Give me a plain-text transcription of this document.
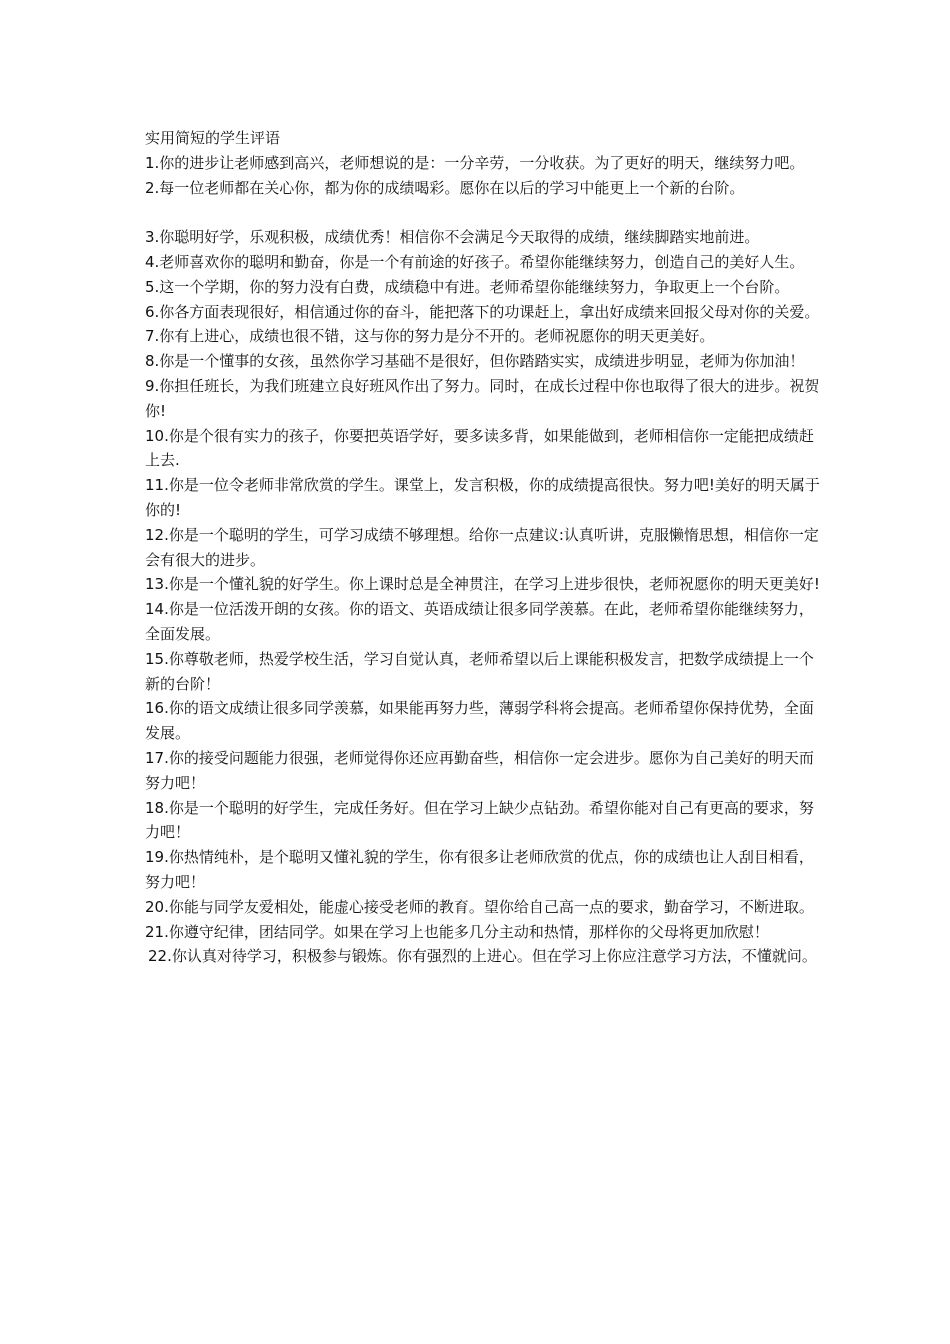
实用简短的学生评语

1.你的进步让老师感到高兴，老师想说的是：一分辛劳，一分收获。为了更好的明天，继续努力吧。

2.每一位老师都在关心你，都为你的成绩喝彩。愿你在以后的学习中能更上一个新的台阶。

3.你聪明好学，乐观积极，成绩优秀！相信你不会满足今天取得的成绩，继续脚踏实地前进。

4.老师喜欢你的聪明和勤奋，你是一个有前途的好孩子。希望你能继续努力，创造自己的美好人生。

5.这一个学期，你的努力没有白费，成绩稳中有进。老师希望你能继续努力，争取更上一个台阶。

6.你各方面表现很好，相信通过你的奋斗，能把落下的功课赶上，拿出好成绩来回报父母对你的关爱。

7.你有上进心，成绩也很不错，这与你的努力是分不开的。老师祝愿你的明天更美好。

8.你是一个懂事的女孩，虽然你学习基础不是很好，但你踏踏实实，成绩进步明显，老师为你加油！

9.你担任班长，为我们班建立良好班风作出了努力。同时，在成长过程中你也取得了很大的进步。祝贺你!

10.你是个很有实力的孩子，你要把英语学好，要多读多背，如果能做到，老师相信你一定能把成绩赶上去.

11.你是一位令老师非常欣赏的学生。课堂上，发言积极，你的成绩提高很快。努力吧!美好的明天属于你的!

12.你是一个聪明的学生，可学习成绩不够理想。给你一点建议:认真听讲，克服懒惰思想，相信你一定会有很大的进步。

13.你是一个懂礼貌的好学生。你上课时总是全神贯注，在学习上进步很快，老师祝愿你的明天更美好!

14.你是一位活泼开朗的女孩。你的语文、英语成绩让很多同学羡慕。在此，老师希望你能继续努力，全面发展。

15.你尊敬老师，热爱学校生活，学习自觉认真，老师希望以后上课能积极发言，把数学成绩提上一个新的台阶！

16.你的语文成绩让很多同学羡慕，如果能再努力些，薄弱学科将会提高。老师希望你保持优势，全面发展。

17.你的接受问题能力很强，老师觉得你还应再勤奋些，相信你一定会进步。愿你为自己美好的明天而努力吧！

18.你是一个聪明的好学生，完成任务好。但在学习上缺少点钻劲。希望你能对自己有更高的要求，努力吧！

19.你热情纯朴，是个聪明又懂礼貌的学生，你有很多让老师欣赏的优点，你的成绩也让人刮目相看，努力吧！

20.你能与同学友爱相处，能虚心接受老师的教育。望你给自己高一点的要求，勤奋学习，不断进取。

21.你遵守纪律，团结同学。如果在学习上也能多几分主动和热情，那样你的父母将更加欣慰！

22.你认真对待学习，积极参与锻炼。你有强烈的上进心。但在学习上你应注意学习方法，不懂就问。
